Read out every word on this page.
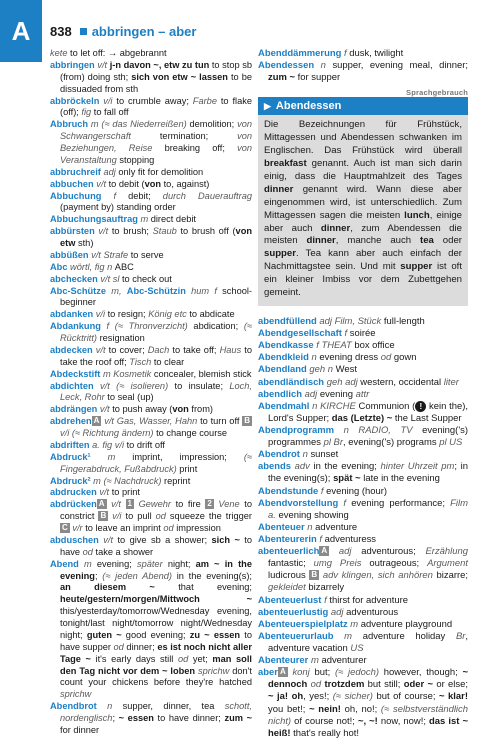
A	838 abbringen – aber
kete to let off: → abgebrannt
abbringen v/t j-n davon ~, etw zu tun to stop sb (from) doing sth; sich von etw ~ lassen to be dissuaded from sth
abbröckeln v/i to crumble away; Farbe to flake (off); fig to fall off
Abbruch m (≈ das Niederreißen) demolition; von Schwangerschaft termination; von Beziehungen, Reise breaking off; von Veranstaltung stopping
abbruchreif adj only fit for demolition
abbuchen v/t to debit (von to, against)
Abbuchung f debit; durch Dauerauftrag (payment by) standing order
Abbuchungsauftrag m direct debit
abbürsten v/t to brush; Staub to brush off (von etw sth)
abbüßen v/t Strafe to serve
Abc wörtl, fig n ABC
abchecken v/t sl to check out
Abc-Schütze m, Abc-Schützin hum f school-beginner
abdanken v/i to resign; König etc to abdicate
Abdankung f (≈ Thronverzicht) abdication; (≈ Rücktritt) resignation
abdecken v/t to cover; Dach to take off; Haus to take the roof off; Tisch to clear
Abdeckstift m Kosmetik concealer, blemish stick
abdichten v/t (≈ isolieren) to insulate; Loch, Leck, Rohr to seal (up)
abdrängen v/t to push away (von from)
abdrehenA v/t Gas, Wasser, Hahn to turn off B v/i (≈ Richtung ändern) to change course
abdriften a. fig v/i to drift off
Abdruck¹ m imprint, impression; (≈ Fingerabdruck, Fußabdruck) print
Abdruck² m (≈ Nachdruck) reprint
abdrucken v/t to print
abdrückenA v/t 1 Gewehr to fire 2 Vene to constrict B v/i to pull od squeeze the trigger C v/r to leave an imprint od impression
abduschen v/t to give sb a shower; sich ~ to have od take a shower
Abend m evening; später night; am ~ in the evening; (≈ jeden Abend) in the evening(s); an diesem ~ that evening; heute/gestern/morgen/Mittwoch ~ this/yesterday/tomorrow/Wednesday evening, tonight/last night/tomorrow night/Wednesday night; guten ~ good evening; zu ~ essen to have supper od dinner; es ist noch nicht aller Tage ~ it's early days still od yet; man soll den Tag nicht vor dem ~ loben sprichw don't count your chickens before they're hatched sprichw
Abendbrot n supper, dinner, tea schott, nordenglisch; ~ essen to have dinner; zum ~ for dinner
Abenddämmerung f dusk, twilight
Abendessen n supper, evening meal, dinner; zum ~ for supper
Sprachgebrauch
▶ Abendessen
Die Bezeichnungen für Frühstück, Mittagessen und Abendessen schwanken im Englischen. Das Frühstück wird überall breakfast genannt. Auch ist man sich darin einig, dass die Hauptmahlzeit des Tages dinner genannt wird. Wann diese aber eingenommen wird, ist unterschiedlich. Zum Mittagessen sagen die meisten lunch, einige aber auch dinner, zum Abendessen die meisten dinner, manche auch tea oder supper. Tea kann aber auch einfach der Nachmittagstee sein. Und mit supper ist oft ein kleiner Imbiss vor dem Zubettgehen gemeint.
abendfüllend adj Film, Stück full-length
Abendgesellschaft f soirée
Abendkasse f THEAT box office
Abendkleid n evening dress od gown
Abendland geh n West
abendländisch geh adj western, occidental liter
abendlich adj evening attr
Abendmahl n KIRCHE Communion ( ! kein the), Lord's Supper; das (Letzte) ~ the Last Supper
Abendprogramm n RADIO, TV evening('s) programmes pl Br, evening('s) programs pl US
Abendrot n sunset
abends adv in the evening; hinter Uhrzeit pm; in the evening(s); spät ~ late in the evening
Abendstunde f evening (hour)
Abendvorstellung f evening performance; Film a. evening showing
Abenteuer n adventure
Abenteurerin f adventuress
abenteuerlichA adj adventurous; Erzählung fantastic; umg Preis outrageous; Argument ludicrous B adv klingen, sich anhören bizarre; gekleidet bizarrely
Abenteuerlust f thirst for adventure
abenteuerlustig adj adventurous
Abenteuerspielplatz m adventure playground
Abenteuerurlaub m adventure holiday Br, adventure vacation US
Abenteurer m adventurer
aberA konj but; (≈ jedoch) however, though; ~ dennoch od trotzdem but still; oder ~ or else; ~ ja! oh, yes!; (≈ sicher) but of course; ~ klar! you bet!; ~ nein! oh, no!; (≈ selbstverständlich nicht) of course not!; ~, ~! now, now!; das ist ~ heiß! that's really hot!
